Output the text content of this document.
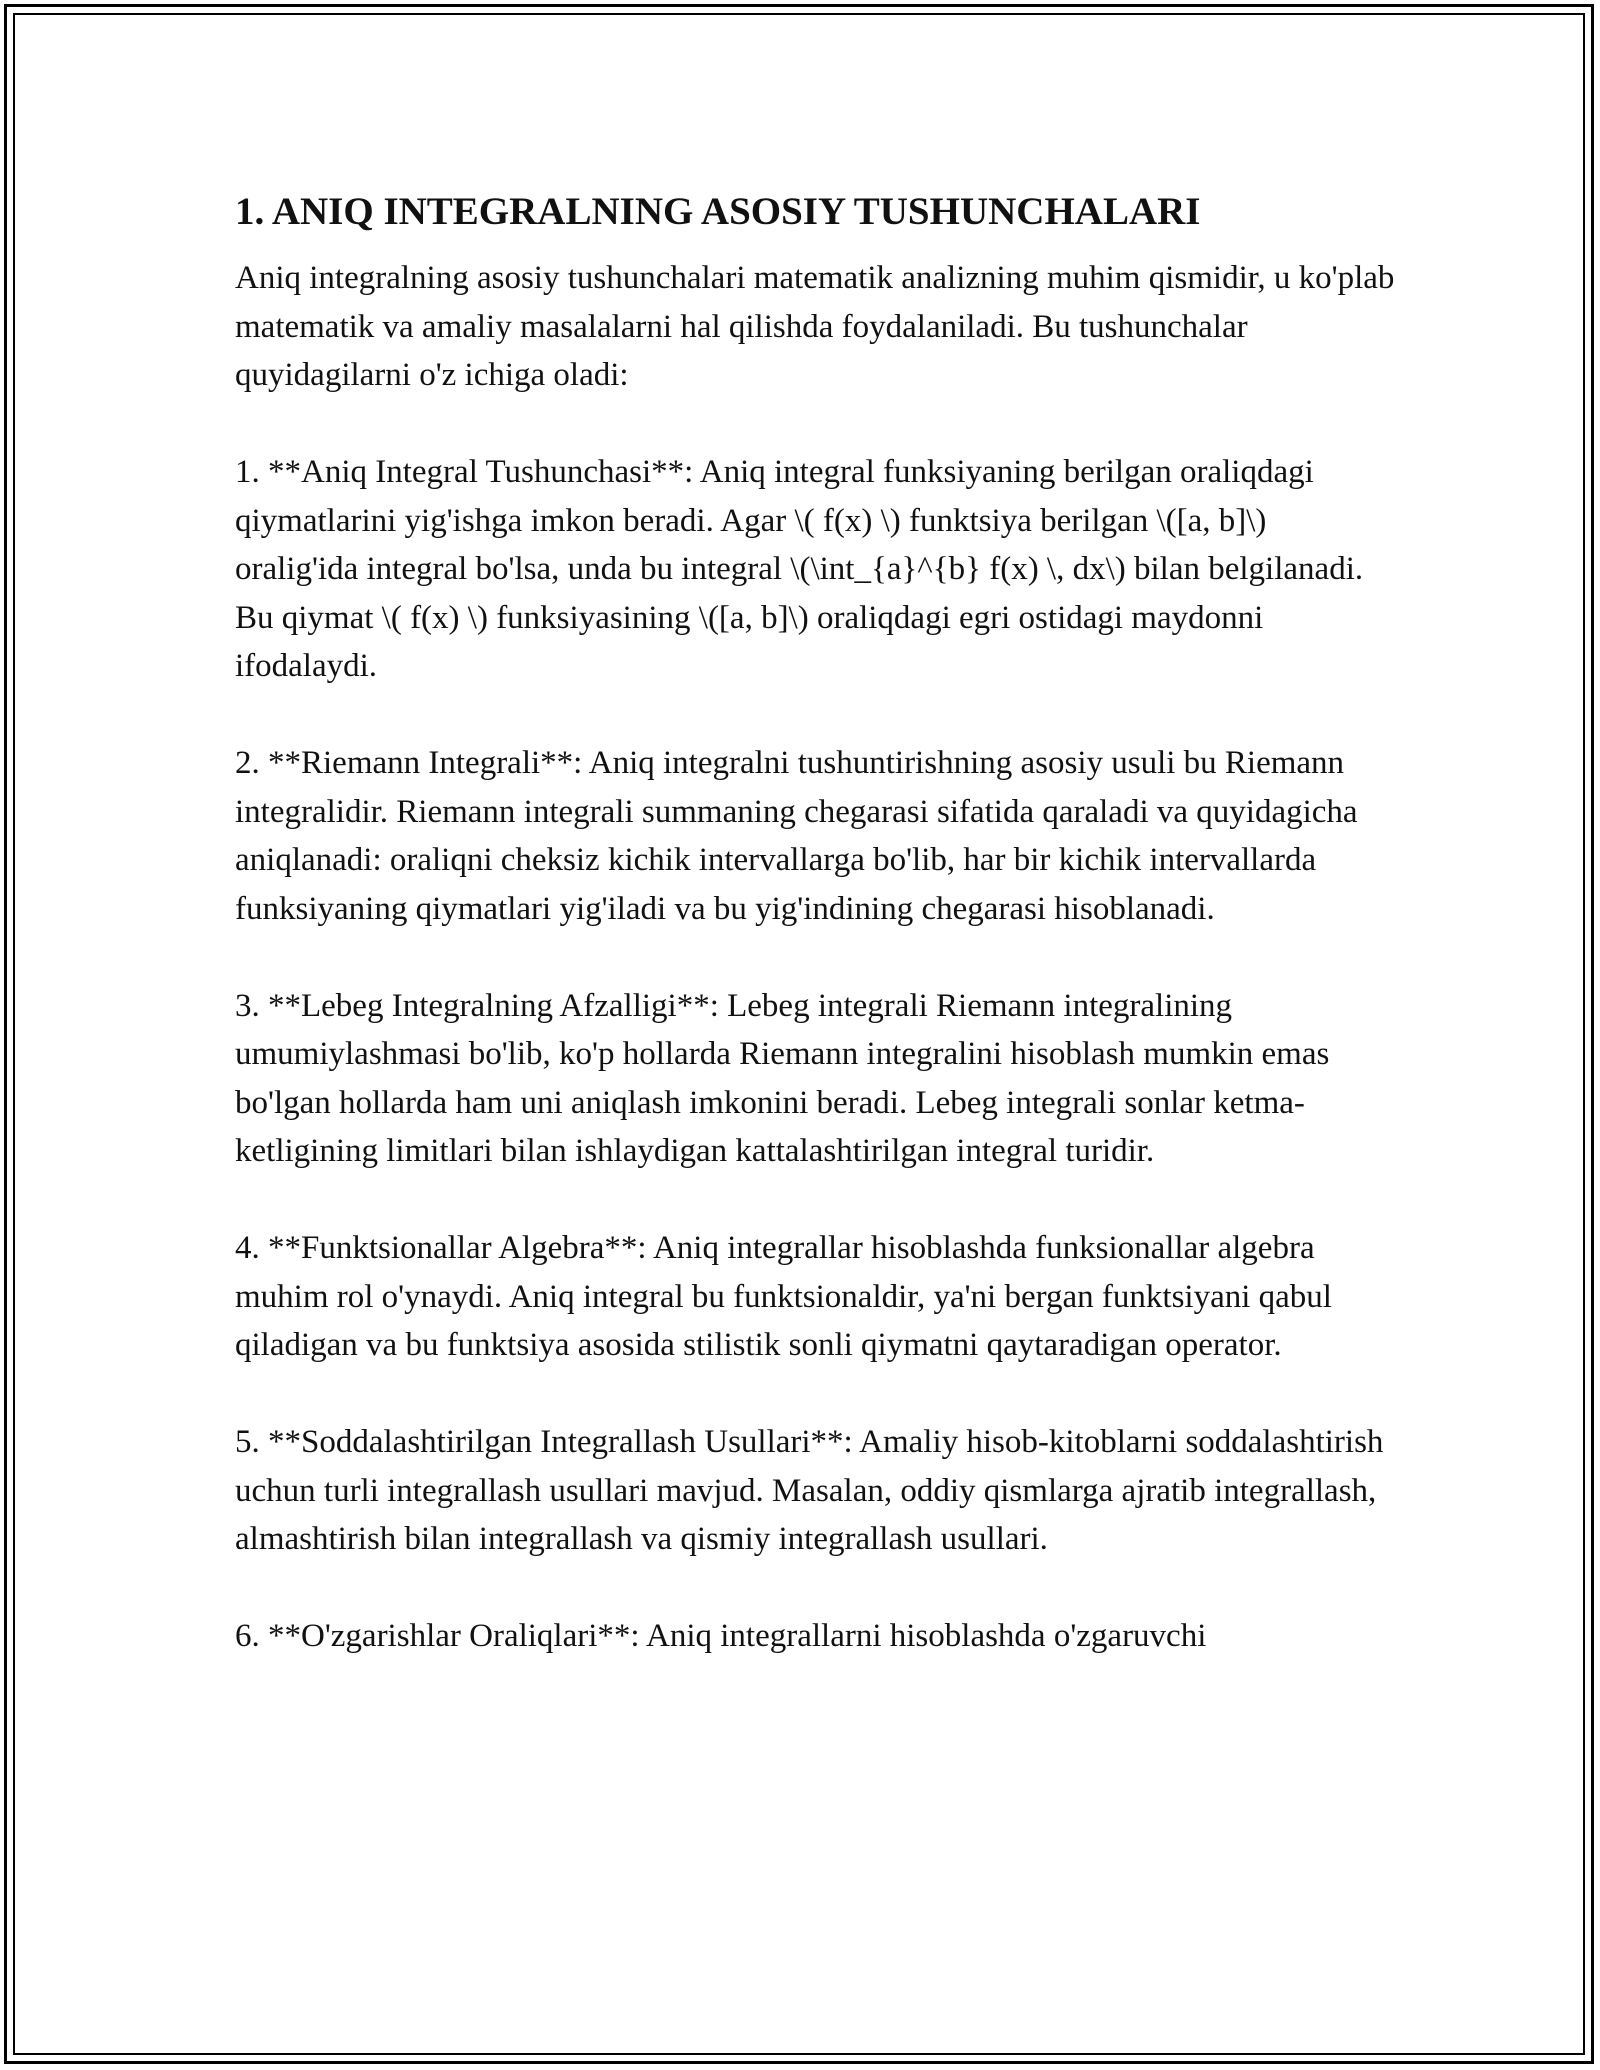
1. ANIQ INTEGRALNING ASOSIY TUSHUNCHALARI

Aniq integralning asosiy tushunchalari matematik analizning muhim qismidir, u ko'plab matematik va amaliy masalalarni hal qilishda foydalaniladi. Bu tushunchalar quyidagilarni o'z ichiga oladi:

1. **Aniq Integral Tushunchasi**: Aniq integral funksiyaning berilgan oraliqdagi qiymatlarini yig'ishga imkon beradi. Agar \( f(x) \) funktsiya berilgan \([a, b]\) oralig'ida integral bo'lsa, unda bu integral \(\int_{a}^{b} f(x) \, dx\) bilan belgilanadi. Bu qiymat \( f(x) \) funksiyasining \([a, b]\) oraliqdagi egri ostidagi maydonni ifodalaydi.

2. **Riemann Integrali**: Aniq integralni tushuntirishning asosiy usuli bu Riemann integralidir. Riemann integrali summaning chegarasi sifatida qaraladi va quyidagicha aniqlanadi: oraliqni cheksiz kichik intervallarga bo'lib, har bir kichik intervallarda funksiyaning qiymatlari yig'iladi va bu yig'indining chegarasi hisoblanadi.

3. **Lebeg Integralning Afzalligi**: Lebeg integrali Riemann integralining umumiylashmasi bo'lib, ko'p hollarda Riemann integralini hisoblash mumkin emas bo'lgan hollarda ham uni aniqlash imkonini beradi. Lebeg integrali sonlar ketma-ketligining limitlari bilan ishlaydigan kattalashtirilgan integral turidir.

4. **Funktsionallar Algebra**: Aniq integrallar hisoblashda funksionallar algebra muhim rol o'ynaydi. Aniq integral bu funktsionaldir, ya'ni bergan funktsiyani qabul qiladigan va bu funktsiya asosida stilistik sonli qiymatni qaytaradigan operator.

5. **Soddalashtirilgan Integrallash Usullari**: Amaliy hisob-kitoblarni soddalashtirish uchun turli integrallash usullari mavjud. Masalan, oddiy qismlarga ajratib integrallash, almashtirish bilan integrallash va qismiy integrallash usullari.

6. **O'zgarishlar Oraliqlari**: Aniq integrallarni hisoblashda o'zgaruvchi
